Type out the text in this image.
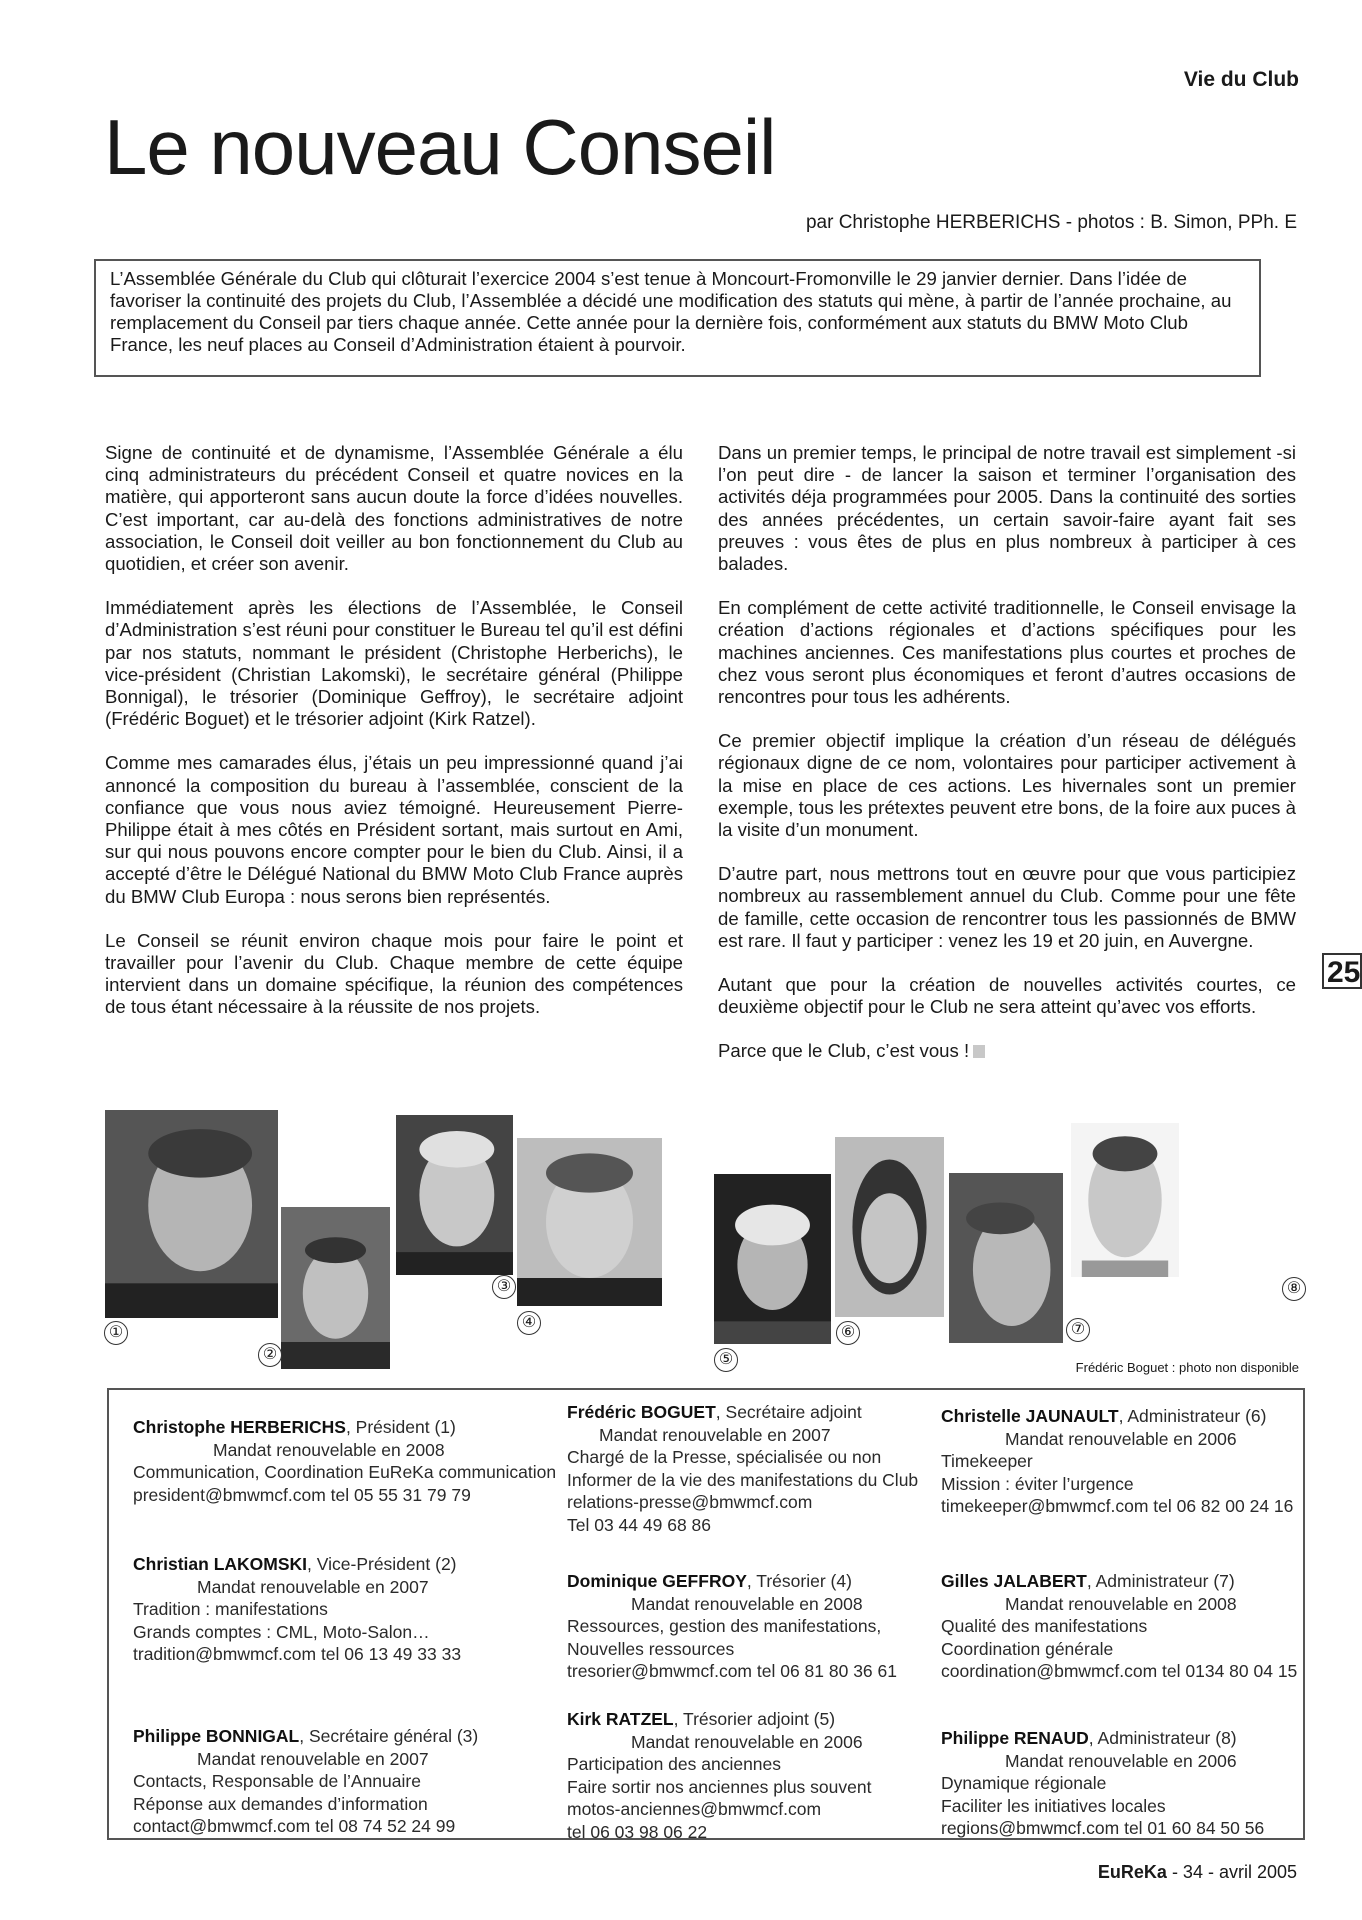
Vie du Club
Le nouveau Conseil
par Christophe HERBERICHS - photos : B. Simon, PPh. E
L’Assemblée Générale du Club qui clôturait l’exercice 2004 s’est tenue à Moncourt-Fromonville le 29 janvier dernier. Dans l’idée de favoriser la continuité des projets du Club, l’Assemblée a décidé une modification des statuts qui mène, à partir de l’année prochaine, au remplacement du Conseil par tiers chaque année. Cette année pour la dernière fois, conformément aux statuts du BMW Moto Club France, les neuf places au Conseil d’Administration étaient à pourvoir.

Signe de continuité et de dynamisme, l’Assemblée Générale a élu cinq administrateurs du précédent Conseil et quatre novices en la matière, qui apporteront sans aucun doute la force d’idées nouvelles. C’est important, car au-delà des fonctions administratives de notre association, le Conseil doit veiller au bon fonctionnement du Club au quotidien, et créer son avenir.

Immédiatement après les élections de l’Assemblée, le Conseil d’Administration s’est réuni pour constituer le Bureau tel qu’il est défini par nos statuts, nommant le président (Christophe Herberichs), le vice-président (Christian Lakomski), le secrétaire général (Philippe Bonnigal), le trésorier (Dominique Geffroy), le secrétaire adjoint (Frédéric Boguet) et le trésorier adjoint (Kirk Ratzel).

Comme mes camarades élus, j’étais un peu impressionné quand j’ai annoncé la composition du bureau à l’assemblée, conscient de la confiance que vous nous aviez témoigné. Heureusement Pierre-Philippe était à mes côtés en Président sortant, mais surtout en Ami, sur qui nous pouvons encore compter pour le bien du Club. Ainsi, il a accepté d’être le Délégué National du BMW Moto Club France auprès du BMW Club Europa : nous serons bien représentés.

Le Conseil se réunit environ chaque mois pour faire le point et travailler pour l’avenir du Club. Chaque membre de cette équipe intervient dans un domaine spécifique, la réunion des compétences de tous étant nécessaire à la réussite de nos projets.

Dans un premier temps, le principal de notre travail est simplement -si l’on peut dire - de lancer la saison et terminer l’organisation des activités déja programmées pour 2005. Dans la continuité des sorties des années précédentes, un certain savoir-faire ayant fait ses preuves : vous êtes de plus en plus nombreux à participer à ces balades.

En complément de cette activité traditionnelle, le Conseil envisage la création d’actions régionales et d’actions spécifiques pour les machines anciennes. Ces manifestations plus courtes et proches de chez vous seront plus économiques et feront d’autres occasions de rencontres pour tous les adhérents.

Ce premier objectif implique la création d’un réseau de délégués régionaux digne de ce nom, volontaires pour participer activement à la mise en place de ces actions. Les hivernales sont un premier exemple, tous les prétextes peuvent etre bons, de la foire aux puces à la visite d’un monument.

D’autre part, nous mettrons tout en œuvre pour que vous participiez nombreux au rassemblement annuel du Club. Comme pour une fête de famille, cette occasion de rencontrer tous les passionnés de BMW est rare. Il faut y participer : venez les 19 et 20 juin, en Auvergne.

Autant que pour la création de nouvelles activités courtes, ce deuxième objectif pour le Club ne sera atteint qu’avec vos efforts.

Parce que le Club, c’est vous !

25
①
②
③
④
⑤
⑥	⑦
⑧
Frédéric Boguet : photo non disponible
Christophe HERBERICHS, Président (1)
Mandat renouvelable en 2008
Communication, Coordination EuReKa communication
president@bmwmcf.com tel 05 55 31 79 79
Christian LAKOMSKI, Vice-Président (2)
Mandat renouvelable en 2007
Tradition : manifestations
Grands comptes : CML, Moto-Salon…
tradition@bmwmcf.com tel 06 13 49 33 33
Philippe BONNIGAL, Secrétaire général (3)
Mandat renouvelable en 2007
Contacts, Responsable de l’Annuaire
Réponse aux demandes d’information
contact@bmwmcf.com tel 08 74 52 24 99
Frédéric BOGUET, Secrétaire adjoint
Mandat renouvelable en 2007
Chargé de la Presse, spécialisée ou non
Informer de la vie des manifestations du Club
relations-presse@bmwmcf.com
Tel 03 44 49 68 86
Dominique GEFFROY, Trésorier (4)
Mandat renouvelable en 2008
Ressources, gestion des manifestations,
Nouvelles ressources
tresorier@bmwmcf.com tel 06 81 80 36 61
Kirk RATZEL, Trésorier adjoint (5)
Mandat renouvelable en 2006
Participation des anciennes
Faire sortir nos anciennes plus souvent
motos-anciennes@bmwmcf.com
tel 06 03 98 06 22
Christelle JAUNAULT, Administrateur (6)
Mandat renouvelable en 2006
Timekeeper
Mission : éviter l’urgence
timekeeper@bmwmcf.com tel 06 82 00 24 16
Gilles JALABERT, Administrateur (7)
Mandat renouvelable en 2008
Qualité des manifestations
Coordination générale
coordination@bmwmcf.com tel 0134 80 04 15
Philippe RENAUD, Administrateur (8)
Mandat renouvelable en 2006
Dynamique régionale
Faciliter les initiatives locales
regions@bmwmcf.com tel 01 60 84 50 56
EuReKa - 34 - avril 2005
